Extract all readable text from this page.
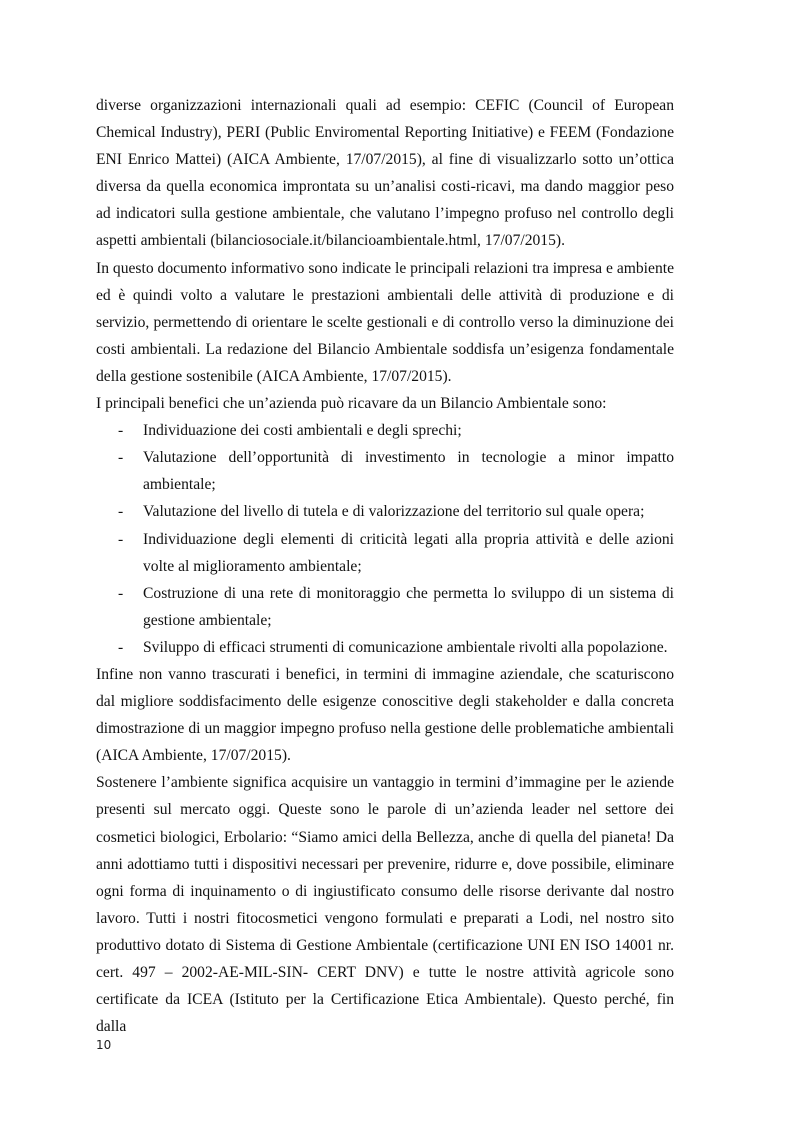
diverse organizzazioni internazionali quali ad esempio: CEFIC (Council of European Chemical Industry), PERI (Public Enviromental Reporting Initiative) e FEEM (Fondazione ENI Enrico Mattei) (AICA Ambiente, 17/07/2015), al fine di visualizzarlo sotto un’ottica diversa da quella economica improntata su un’analisi costi-ricavi, ma dando maggior peso ad indicatori sulla gestione ambientale, che valutano l’impegno profuso nel controllo degli aspetti ambientali (bilanciosociale.it/bilancioambientale.html, 17/07/2015).

In questo documento informativo sono indicate le principali relazioni tra impresa e ambiente ed è quindi volto a valutare le prestazioni ambientali delle attività di produzione e di servizio, permettendo di orientare le scelte gestionali e di controllo verso la diminuzione dei costi ambientali. La redazione del Bilancio Ambientale soddisfa un’esigenza fondamentale della gestione sostenibile (AICA Ambiente, 17/07/2015).

I principali benefici che un’azienda può ricavare da un Bilancio Ambientale sono:

- Individuazione dei costi ambientali e degli sprechi;
- Valutazione dell’opportunità di investimento in tecnologie a minor impatto ambientale;
- Valutazione del livello di tutela e di valorizzazione del territorio sul quale opera;
- Individuazione degli elementi di criticità legati alla propria attività e delle azioni volte al miglioramento ambientale;
- Costruzione di una rete di monitoraggio che permetta lo sviluppo di un sistema di gestione ambientale;
- Sviluppo di efficaci strumenti di comunicazione ambientale rivolti alla popolazione.

Infine non vanno trascurati i benefici, in termini di immagine aziendale, che scaturiscono dal migliore soddisfacimento delle esigenze conoscitive degli stakeholder e dalla concreta dimostrazione di un maggior impegno profuso nella gestione delle problematiche ambientali (AICA Ambiente, 17/07/2015).

Sostenere l’ambiente significa acquisire un vantaggio in termini d’immagine per le aziende presenti sul mercato oggi. Queste sono le parole di un’azienda leader nel settore dei cosmetici biologici, Erbolario: “Siamo amici della Bellezza, anche di quella del pianeta! Da anni adottiamo tutti i dispositivi necessari per prevenire, ridurre e, dove possibile, eliminare ogni forma di inquinamento o di ingiustificato consumo delle risorse derivante dal nostro lavoro. Tutti i nostri fitocosmetici vengono formulati e preparati a Lodi, nel nostro sito produttivo dotato di Sistema di Gestione Ambientale (certificazione UNI EN ISO 14001 nr. cert. 497 – 2002-AE-MIL-SIN- CERT DNV) e tutte le nostre attività agricole sono certificate da ICEA (Istituto per la Certificazione Etica Ambientale). Questo perché, fin dalla

10
